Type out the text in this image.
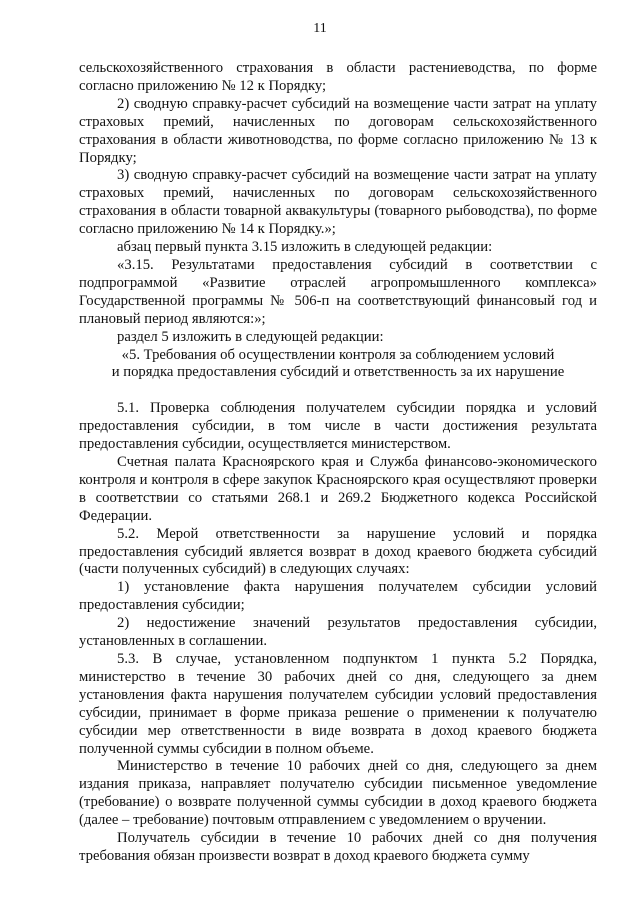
11

сельскохозяйственного страхования в области растениеводства, по форме согласно приложению № 12 к Порядку;

2) сводную справку-расчет субсидий на возмещение части затрат на уплату страховых премий, начисленных по договорам сельскохозяйственного страхования в области животноводства, по форме согласно приложению № 13 к Порядку;

3) сводную справку-расчет субсидий на возмещение части затрат на уплату страховых премий, начисленных по договорам сельскохозяйственного страхования в области товарной аквакультуры (товарного рыбоводства), по форме согласно приложению № 14 к Порядку.»;

абзац первый пункта 3.15 изложить в следующей редакции:

«3.15. Результатами предоставления субсидий в соответствии с подпрограммой «Развитие отраслей агропромышленного комплекса» Государственной программы № 506-п на соответствующий финансовый год и плановый период являются:»;

раздел 5 изложить в следующей редакции:

«5. Требования об осуществлении контроля за соблюдением условий

и порядка предоставления субсидий и ответственность за их нарушение

5.1. Проверка соблюдения получателем субсидии порядка и условий предоставления субсидии, в том числе в части достижения результата предоставления субсидии, осуществляется министерством.

Счетная палата Красноярского края и Служба финансово-экономического контроля и контроля в сфере закупок Красноярского края осуществляют проверки в соответствии со статьями 268.1 и 269.2 Бюджетного кодекса Российской Федерации.

5.2. Мерой ответственности за нарушение условий и порядка предоставления субсидий является возврат в доход краевого бюджета субсидий (части полученных субсидий) в следующих случаях:

1) установление факта нарушения получателем субсидии условий предоставления субсидии;

2) недостижение значений результатов предоставления субсидии, установленных в соглашении.

5.3. В случае, установленном подпунктом 1 пункта 5.2 Порядка, министерство в течение 30 рабочих дней со дня, следующего за днем установления факта нарушения получателем субсидии условий предоставления субсидии, принимает в форме приказа решение о применении к получателю субсидии мер ответственности в виде возврата в доход краевого бюджета полученной суммы субсидии в полном объеме.

Министерство в течение 10 рабочих дней со дня, следующего за днем издания приказа, направляет получателю субсидии письменное уведомление (требование) о возврате полученной суммы субсидии в доход краевого бюджета (далее – требование) почтовым отправлением с уведомлением о вручении.

Получатель субсидии в течение 10 рабочих дней со дня получения требования обязан произвести возврат в доход краевого бюджета сумму
